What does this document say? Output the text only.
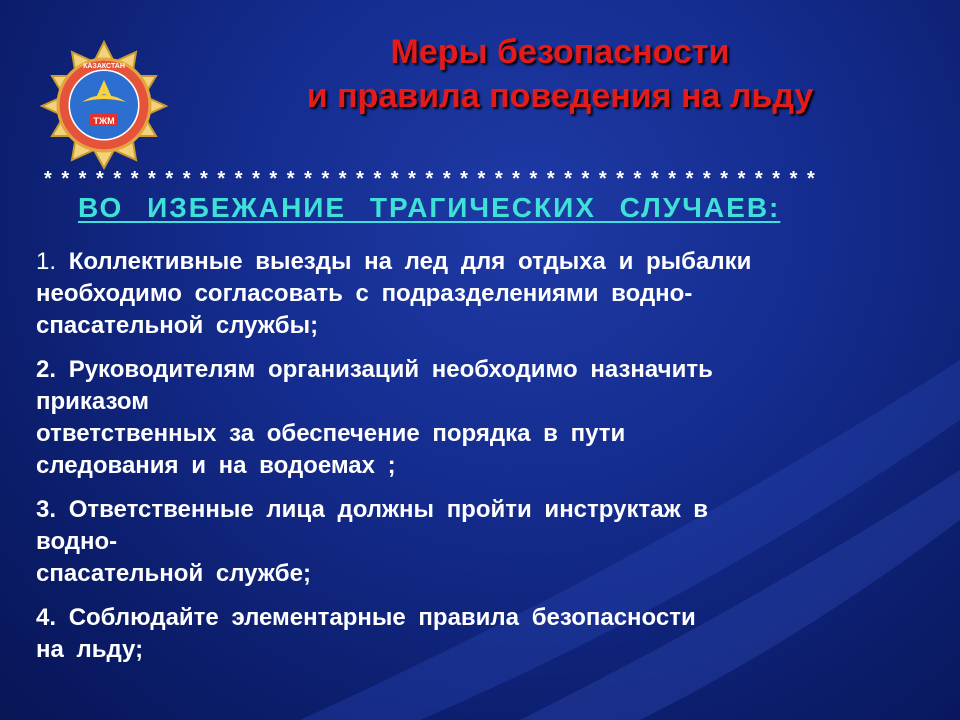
КАЗАКСТАН
ТЖМ
Меры безопасности
и правила поведения на льду
* * * * * * * * * * * * * * * * * * * * * * * * * * * * * * * * * * * * * * * * * * * * *
ВО ИЗБЕЖАНИЕ ТРАГИЧЕСКИХ СЛУЧАЕВ:
1. Коллективные выезды на лед для отдыха и рыбалки
необходимо согласовать с подразделениями водно-
спасательной службы;
2. Руководителям организаций необходимо назначить
приказом
ответственных за обеспечение порядка в пути
следования и на водоемах ;
3. Ответственные лица должны пройти инструктаж в
водно-
спасательной службе;
4. Соблюдайте элементарные правила безопасности
на льду;
